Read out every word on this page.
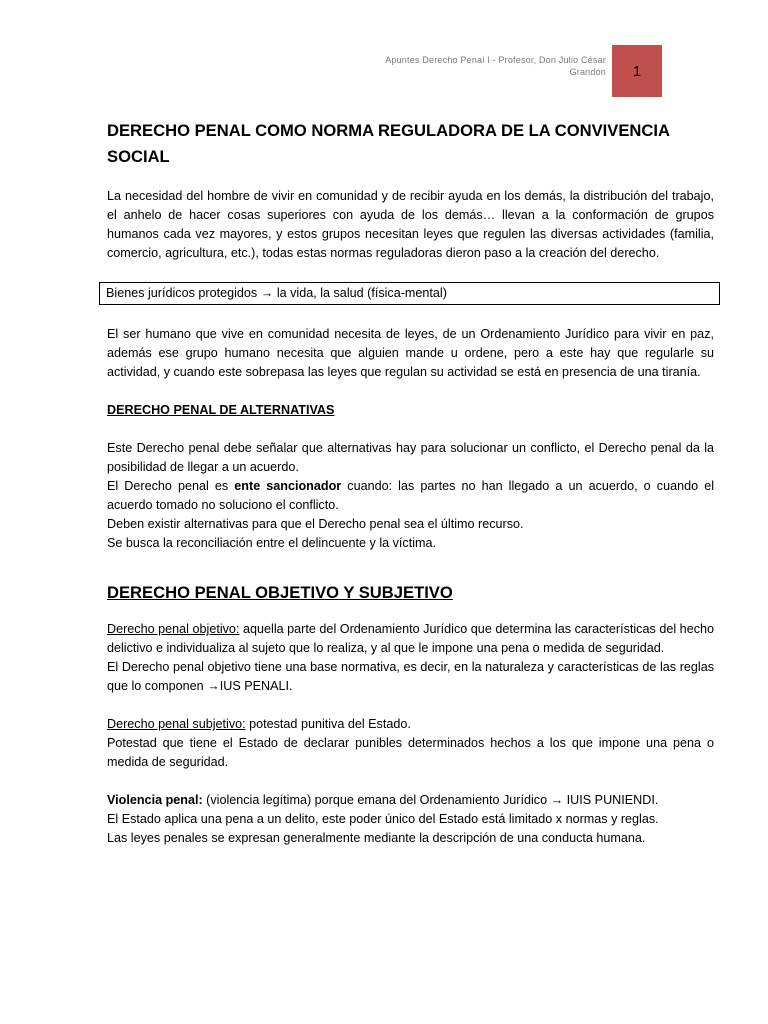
Apuntes Derecho Penal I - Profesor, Don Julio César
Grandón 1
DERECHO PENAL COMO NORMA REGULADORA DE LA CONVIVENCIA SOCIAL

La necesidad del hombre de vivir en comunidad y de recibir ayuda en los demás, la distribución del trabajo, el anhelo de hacer cosas superiores con ayuda de los demás… llevan a la conformación de grupos humanos cada vez mayores, y estos grupos necesitan leyes que regulen las diversas actividades (familia, comercio, agricultura, etc.), todas estas normas reguladoras dieron paso a la creación del derecho.

Bienes jurídicos protegidos → la vida, la salud (física-mental)

El ser humano que vive en comunidad necesita de leyes, de un Ordenamiento Jurídico para vivir en paz, además ese grupo humano necesita que alguien mande u ordene, pero a este hay que regularle su actividad, y cuando este sobrepasa las leyes que regulan su actividad se está en presencia de una tiranía.

DERECHO PENAL DE ALTERNATIVAS

Este Derecho penal debe señalar que alternativas hay para solucionar un conflicto, el Derecho penal da la posibilidad de llegar a un acuerdo.

El Derecho penal es ente sancionador cuando: las partes no han llegado a un acuerdo, o cuando el acuerdo tomado no soluciono el conflicto.

Deben existir alternativas para que el Derecho penal sea el último recurso.

Se busca la reconciliación entre el delincuente y la víctima.

DERECHO PENAL OBJETIVO Y SUBJETIVO

Derecho penal objetivo: aquella parte del Ordenamiento Jurídico que determina las características del hecho delictivo e individualiza al sujeto que lo realiza, y al que le impone una pena o medida de seguridad.

El Derecho penal objetivo tiene una base normativa, es decir, en la naturaleza y características de las reglas que lo componen →IUS PENALI.

Derecho penal subjetivo: potestad punitiva del Estado.

Potestad que tiene el Estado de declarar punibles determinados hechos a los que impone una pena o medida de seguridad.

Violencia penal: (violencia legítima) porque emana del Ordenamiento Jurídico → IUIS PUNIENDI.

El Estado aplica una pena a un delito, este poder único del Estado está limitado x normas y reglas.

Las leyes penales se expresan generalmente mediante la descripción de una conducta humana.
